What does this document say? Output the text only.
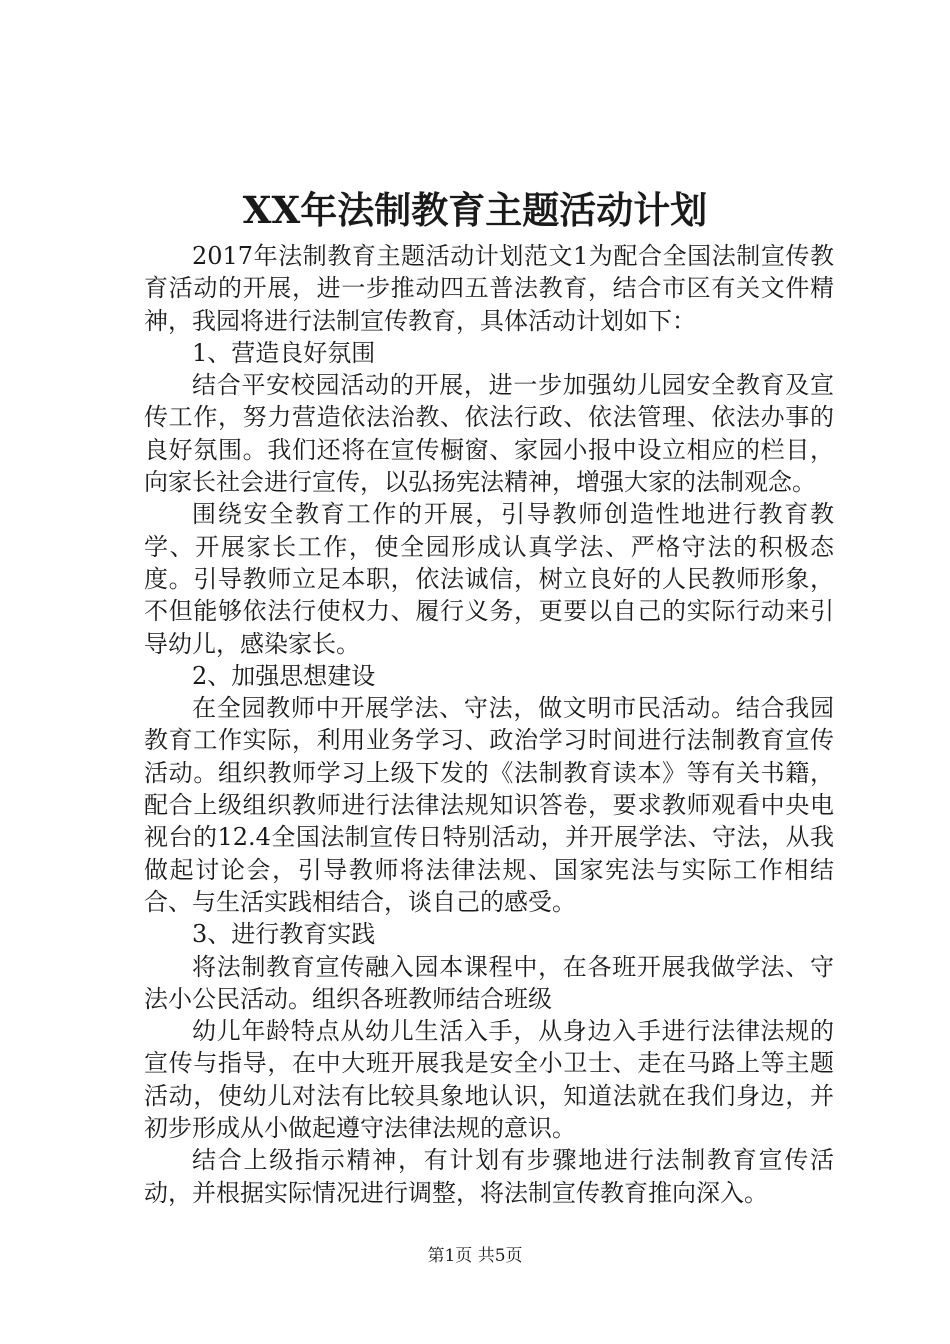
XX年法制教育主题活动计划

2017年法制教育主题活动计划范文1为配合全国法制宣传教育活动的开展，进一步推动四五普法教育，结合市区有关文件精神，我园将进行法制宣传教育，具体活动计划如下：

1、营造良好氛围

结合平安校园活动的开展，进一步加强幼儿园安全教育及宣传工作，努力营造依法治教、依法行政、依法管理、依法办事的良好氛围。我们还将在宣传橱窗、家园小报中设立相应的栏目，向家长社会进行宣传，以弘扬宪法精神，增强大家的法制观念。

围绕安全教育工作的开展，引导教师创造性地进行教育教学、开展家长工作，使全园形成认真学法、严格守法的积极态度。引导教师立足本职，依法诚信，树立良好的人民教师形象，不但能够依法行使权力、履行义务，更要以自己的实际行动来引导幼儿，感染家长。

2、加强思想建设

在全园教师中开展学法、守法，做文明市民活动。结合我园教育工作实际，利用业务学习、政治学习时间进行法制教育宣传活动。组织教师学习上级下发的《法制教育读本》等有关书籍，配合上级组织教师进行法律法规知识答卷，要求教师观看中央电视台的12.4全国法制宣传日特别活动，并开展学法、守法，从我做起讨论会，引导教师将法律法规、国家宪法与实际工作相结合、与生活实践相结合，谈自己的感受。

3、进行教育实践

将法制教育宣传融入园本课程中，在各班开展我做学法、守法小公民活动。组织各班教师结合班级

幼儿年龄特点从幼儿生活入手，从身边入手进行法律法规的宣传与指导，在中大班开展我是安全小卫士、走在马路上等主题活动，使幼儿对法有比较具象地认识，知道法就在我们身边，并初步形成从小做起遵守法律法规的意识。

结合上级指示精神，有计划有步骤地进行法制教育宣传活动，并根据实际情况进行调整，将法制宣传教育推向深入。

第1页 共5页
